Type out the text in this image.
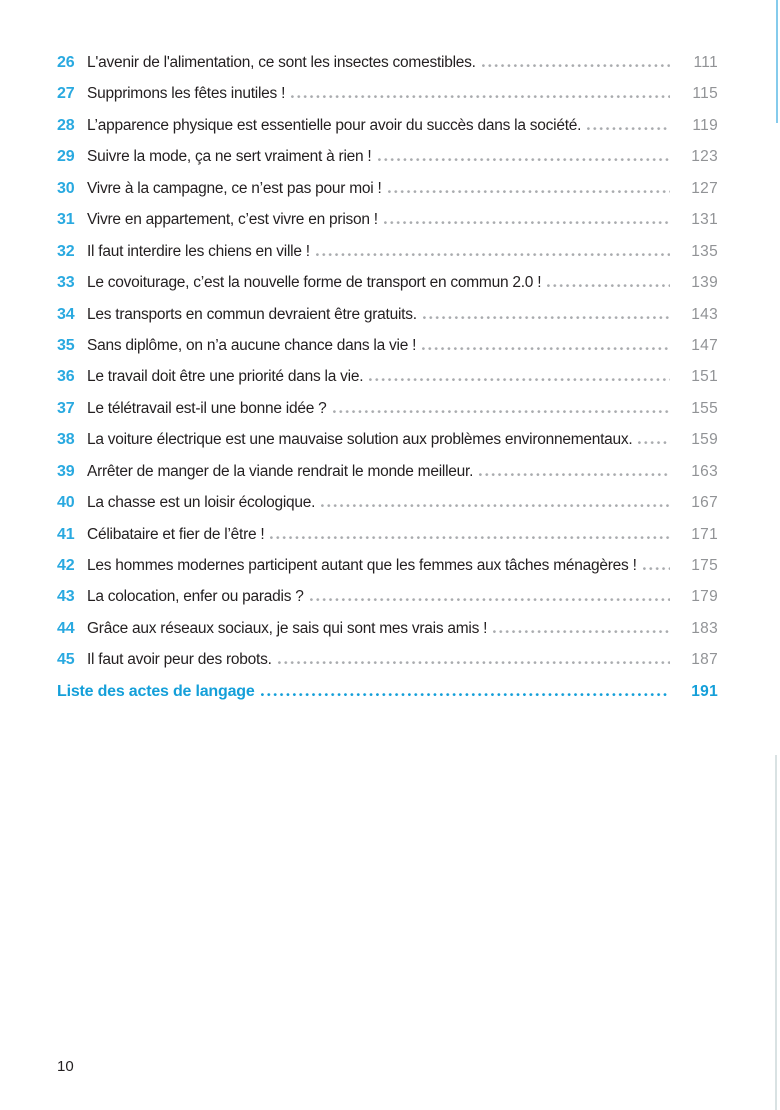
26 L'avenir de l'alimentation, ce sont les insectes comestibles.	111
27 Supprimons les fêtes inutiles !	115
28 L’apparence physique est essentielle pour avoir du succès dans la société.	119
29 Suivre la mode, ça ne sert vraiment à rien !	123
30 Vivre à la campagne, ce n’est pas pour moi !	127
31 Vivre en appartement, c’est vivre en prison !	131
32 Il faut interdire les chiens en ville !	135
33 Le covoiturage, c’est la nouvelle forme de transport en commun 2.0 !	139
34 Les transports en commun devraient être gratuits.	143
35 Sans diplôme, on n’a aucune chance dans la vie !	147
36 Le travail doit être une priorité dans la vie.	151
37 Le télétravail est-il une bonne idée ?	155
38 La voiture électrique est une mauvaise solution aux problèmes environnementaux.	159
39 Arrêter de manger de la viande rendrait le monde meilleur.	163
40 La chasse est un loisir écologique.	167
41 Célibataire et fier de l’être !	171
42 Les hommes modernes participent autant que les femmes aux tâches ménagères !	175
43 La colocation, enfer ou paradis ?	179
44 Grâce aux réseaux sociaux, je sais qui sont mes vrais amis !	183
45 Il faut avoir peur des robots.	187
Liste des actes de langage	191
10
